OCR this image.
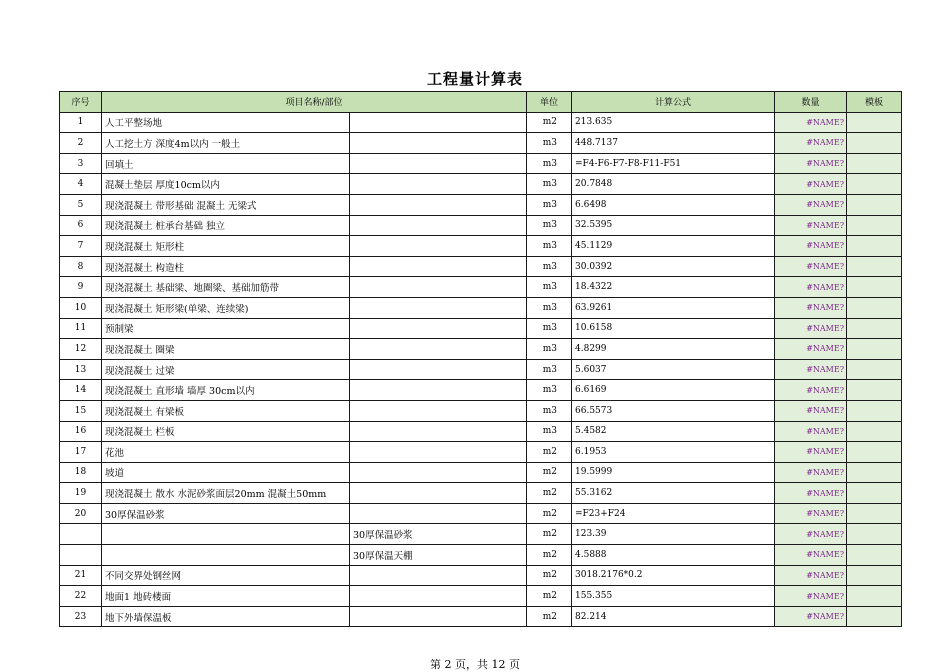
工程量计算表
序号	项目名称/部位		单位	计算公式	数量	模板
1	人工平整场地		m2	213.635	#NAME?	
2	人工挖土方 深度4m以内 一般土		m3	448.7137	#NAME?	
3	回填土		m3	=F4-F6-F7-F8-F11-F51	#NAME?	
4	混凝土垫层 厚度10cm以内		m3	20.7848	#NAME?	
5	现浇混凝土 带形基础 混凝土 无梁式		m3	6.6498	#NAME?	
6	现浇混凝土 桩承台基础 独立		m3	32.5395	#NAME?	
7	现浇混凝土 矩形柱		m3	45.1129	#NAME?	
8	现浇混凝土 构造柱		m3	30.0392	#NAME?	
9	现浇混凝土 基础梁、地圈梁、基础加筋带		m3	18.4322	#NAME?	
10	现浇混凝土 矩形梁(单梁、连续梁)		m3	63.9261	#NAME?	
11	预制梁		m3	10.6158	#NAME?	
12	现浇混凝土 圈梁		m3	4.8299	#NAME?	
13	现浇混凝土 过梁		m3	5.6037	#NAME?	
14	现浇混凝土 直形墙 墙厚 30cm以内		m3	6.6169	#NAME?	
15	现浇混凝土 有梁板		m3	66.5573	#NAME?	
16	现浇混凝土 栏板		m3	5.4582	#NAME?	
17	花池		m2	6.1953	#NAME?	
18	坡道		m2	19.5999	#NAME?	
19	现浇混凝土 散水 水泥砂浆面层20mm 混凝土50mm		m2	55.3162	#NAME?	
20	30厚保温砂浆		m2	=F23+F24	#NAME?	
		30厚保温砂浆	m2	123.39	#NAME?	
		30厚保温天棚	m2	4.5888	#NAME?	
21	不同交界处钢丝网		m2	3018.2176*0.2	#NAME?	
22	地面1 地砖楼面		m2	155.355	#NAME?	
23	地下外墙保温板		m2	82.214	#NAME?	
第 2 页，共 12 页
